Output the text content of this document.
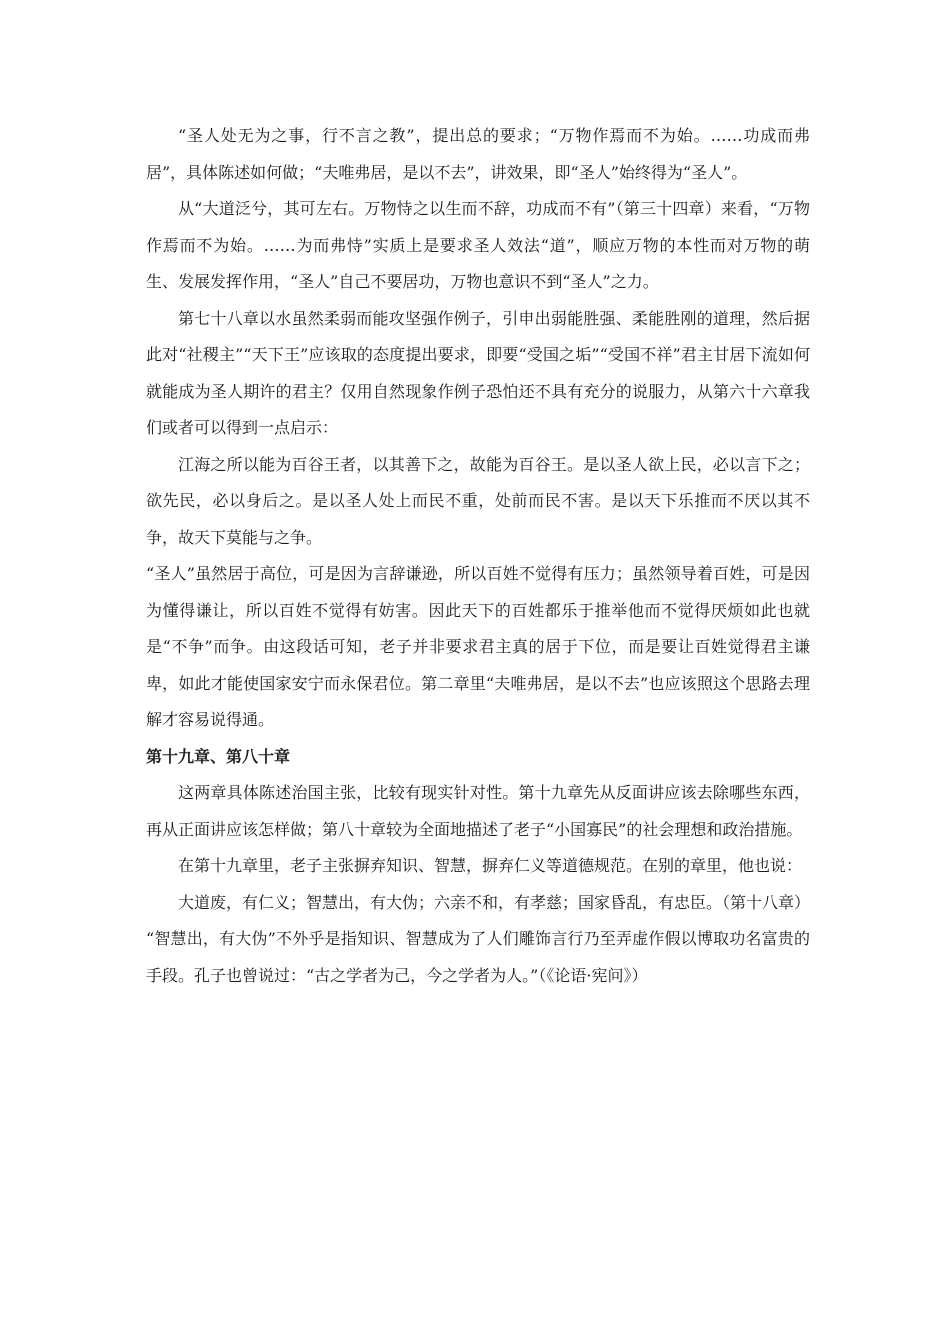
“圣人处无为之事，行不言之教”，提出总的要求；“万物作焉而不为始。……功成而弗居”，具体陈述如何做；“夫唯弗居，是以不去”，讲效果，即“圣人”始终得为“圣人”。

从“大道泛兮，其可左右。万物恃之以生而不辞，功成而不有”（第三十四章）来看，“万物作焉而不为始。……为而弗恃”实质上是要求圣人效法“道”，顺应万物的本性而对万物的萌生、发展发挥作用，“圣人”自己不要居功，万物也意识不到“圣人”之力。

第七十八章以水虽然柔弱而能攻坚强作例子，引申出弱能胜强、柔能胜刚的道理，然后据此对“社稷主”“天下王”应该取的态度提出要求，即要“受国之垢”“受国不祥”君主甘居下流如何就能成为圣人期许的君主？仅用自然现象作例子恐怕还不具有充分的说服力，从第六十六章我们或者可以得到一点启示：

江海之所以能为百谷王者，以其善下之，故能为百谷王。是以圣人欲上民，必以言下之；欲先民，必以身后之。是以圣人处上而民不重，处前而民不害。是以天下乐推而不厌以其不争，故天下莫能与之争。

“圣人”虽然居于高位，可是因为言辞谦逊，所以百姓不觉得有压力；虽然领导着百姓，可是因为懂得谦让，所以百姓不觉得有妨害。因此天下的百姓都乐于推举他而不觉得厌烦如此也就是“不争”而争。由这段话可知，老子并非要求君主真的居于下位，而是要让百姓觉得君主谦卑，如此才能使国家安宁而永保君位。第二章里“夫唯弗居，是以不去”也应该照这个思路去理解才容易说得通。

第十九章、第八十章

这两章具体陈述治国主张，比较有现实针对性。第十九章先从反面讲应该去除哪些东西，再从正面讲应该怎样做；第八十章较为全面地描述了老子“小国寡民”的社会理想和政治措施。

在第十九章里，老子主张摒弃知识、智慧，摒弃仁义等道德规范。在别的章里，他也说：

大道废，有仁义；智慧出，有大伪；六亲不和，有孝慈；国家昏乱，有忠臣。（第十八章）

“智慧出，有大伪”不外乎是指知识、智慧成为了人们雕饰言行乃至弄虚作假以博取功名富贵的手段。孔子也曾说过：“古之学者为己，今之学者为人。”（《论语·宪问》）
